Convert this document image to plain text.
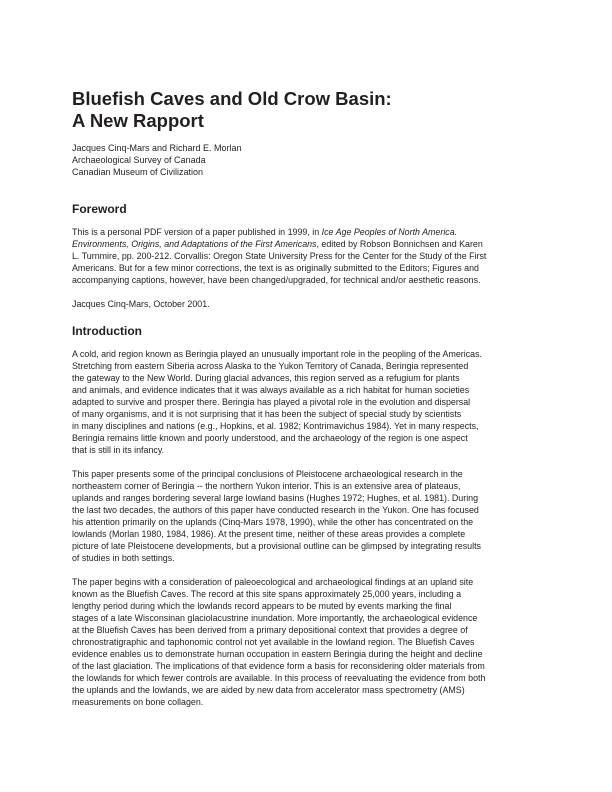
Bluefish Caves and Old Crow Basin:
A New Rapport
Jacques Cinq-Mars and Richard E. Morlan
Archaeological Survey of Canada
Canadian Museum of Civilization
Foreword
This is a personal PDF version of a paper published in 1999, in Ice Age Peoples of North America.
Environments, Origins, and Adaptations of the First Americans, edited by Robson Bonnichsen and Karen
L. Turnmire, pp. 200-212. Corvallis: Oregon State University Press for the Center for the Study of the First
Americans. But for a few minor corrections, the text is as originally submitted to the Editors; Figures and
accompanying captions, however, have been changed/upgraded, for technical and/or aesthetic reasons.
Jacques Cinq-Mars, October 2001.
Introduction
A cold, arid region known as Beringia played an unusually important role in the peopling of the Americas.
Stretching from eastern Siberia across Alaska to the Yukon Territory of Canada, Beringia represented
the gateway to the New World. During glacial advances, this region served as a refugium for plants
and animals, and evidence indicates that it was always available as a rich habitat for human societies
adapted to survive and prosper there. Beringia has played a pivotal role in the evolution and dispersal
of many organisms, and it is not surprising that it has been the subject of special study by scientists
in many disciplines and nations (e.g., Hopkins, et al. 1982; Kontrimavichus 1984). Yet in many respects,
Beringia remains little known and poorly understood, and the archaeology of the region is one aspect
that is still in its infancy.
This paper presents some of the principal conclusions of Pleistocene archaeological research in the
northeastern corner of Beringia -- the northern Yukon interior. This is an extensive area of plateaus,
uplands and ranges bordering several large lowland basins (Hughes 1972; Hughes, et al. 1981). During
the last two decades, the authors of this paper have conducted research in the Yukon. One has focused
his attention primarily on the uplands (Cinq-Mars 1978, 1990), while the other has concentrated on the
lowlands (Morlan 1980, 1984, 1986). At the present time, neither of these areas provides a complete
picture of late Pleistocene developments, but a provisional outline can be glimpsed by integrating results
of studies in both settings.
The paper begins with a consideration of paleoecological and archaeological findings at an upland site
known as the Bluefish Caves. The record at this site spans approximately 25,000 years, including a
lengthy period during which the lowlands record appears to be muted by events marking the final
stages of a late Wisconsinan glaciolacustrine inundation. More importantly, the archaeological evidence
at the Bluefish Caves has been derived from a primary depositional context that provides a degree of
chronostratigraphic and taphonomic control not yet available in the lowland region. The Bluefish Caves
evidence enables us to demonstrate human occupation in eastern Beringia during the height and decline
of the last glaciation. The implications of that evidence form a basis for reconsidering older materials from
the lowlands for which fewer controls are available. In this process of reevaluating the evidence from both
the uplands and the lowlands, we are aided by new data from accelerator mass spectrometry (AMS)
measurements on bone collagen.
